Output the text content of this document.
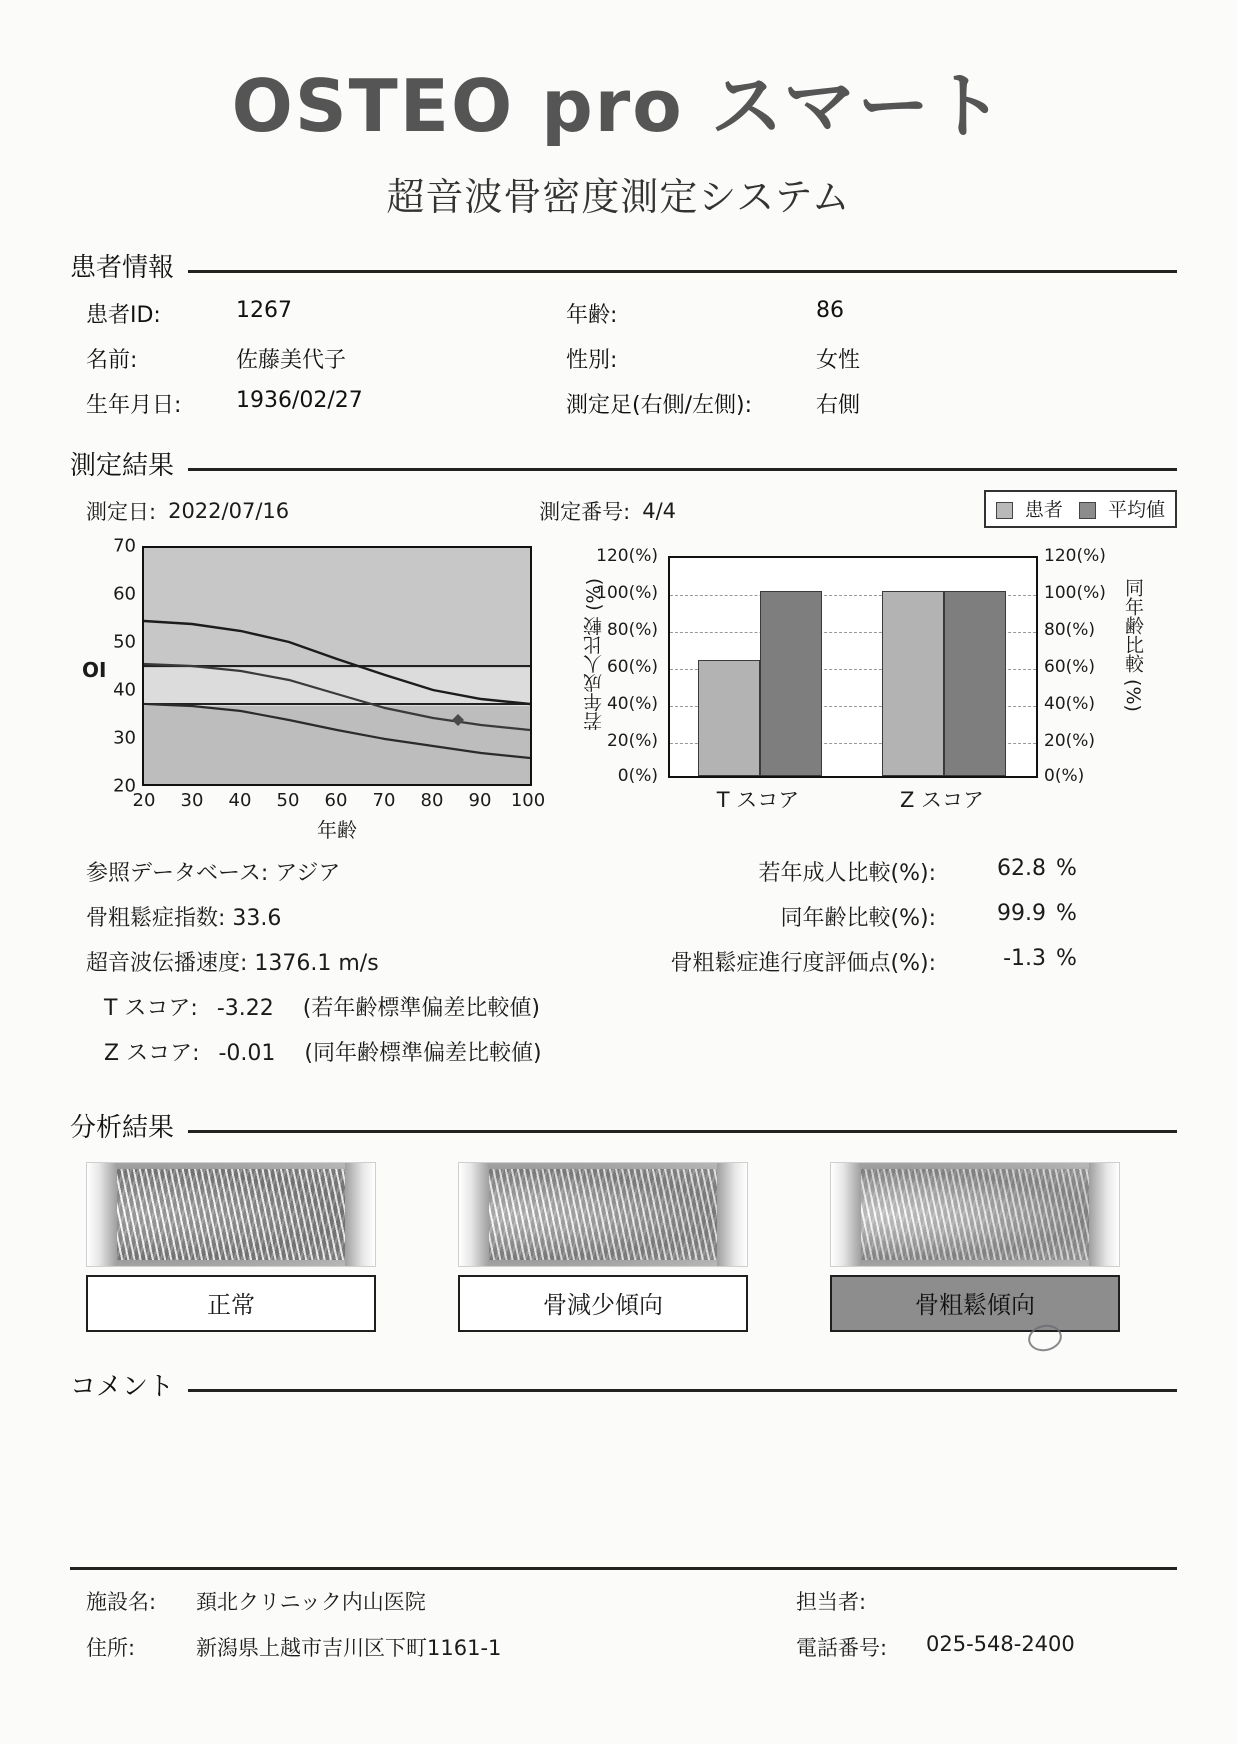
OSTEO pro スマート
超音波骨密度測定システム
患者情報
患者ID:	1267	年齢:	86
名前:	佐藤美代子	性別:	女性
生年月日:	1936/02/27	測定足(右側/左側):	右側
測定結果
測定日: 2022/07/16	測定番号: 4/4	患者	平均値
OI
70
60
50
40
30
20
20 30 40 50 60 70 80 90 100
年齢
若年成人比較 (%)	同年齢比較 (%)
120(%)
100(%)
80(%)
60(%)
40(%)
20(%)
0(%)
120(%)
100(%)
80(%)
60(%)
40(%)
20(%)
0(%)
T スコア	Z スコア
参照データベース: アジア
骨粗鬆症指数: 33.6
超音波伝播速度: 1376.1 m/s
T スコア: -3.22 (若年齢標準偏差比較値)
Z スコア: -0.01 (同年齢標準偏差比較値)
若年成人比較(%):	62.8 %
同年齢比較(%):	99.9 %
骨粗鬆症進行度評価点(%):	-1.3 %
分析結果
正常	骨減少傾向	骨粗鬆傾向
コメント
施設名:	頚北クリニック内山医院	担当者:
住所:	新潟県上越市吉川区下町1161-1	電話番号:	025-548-2400
